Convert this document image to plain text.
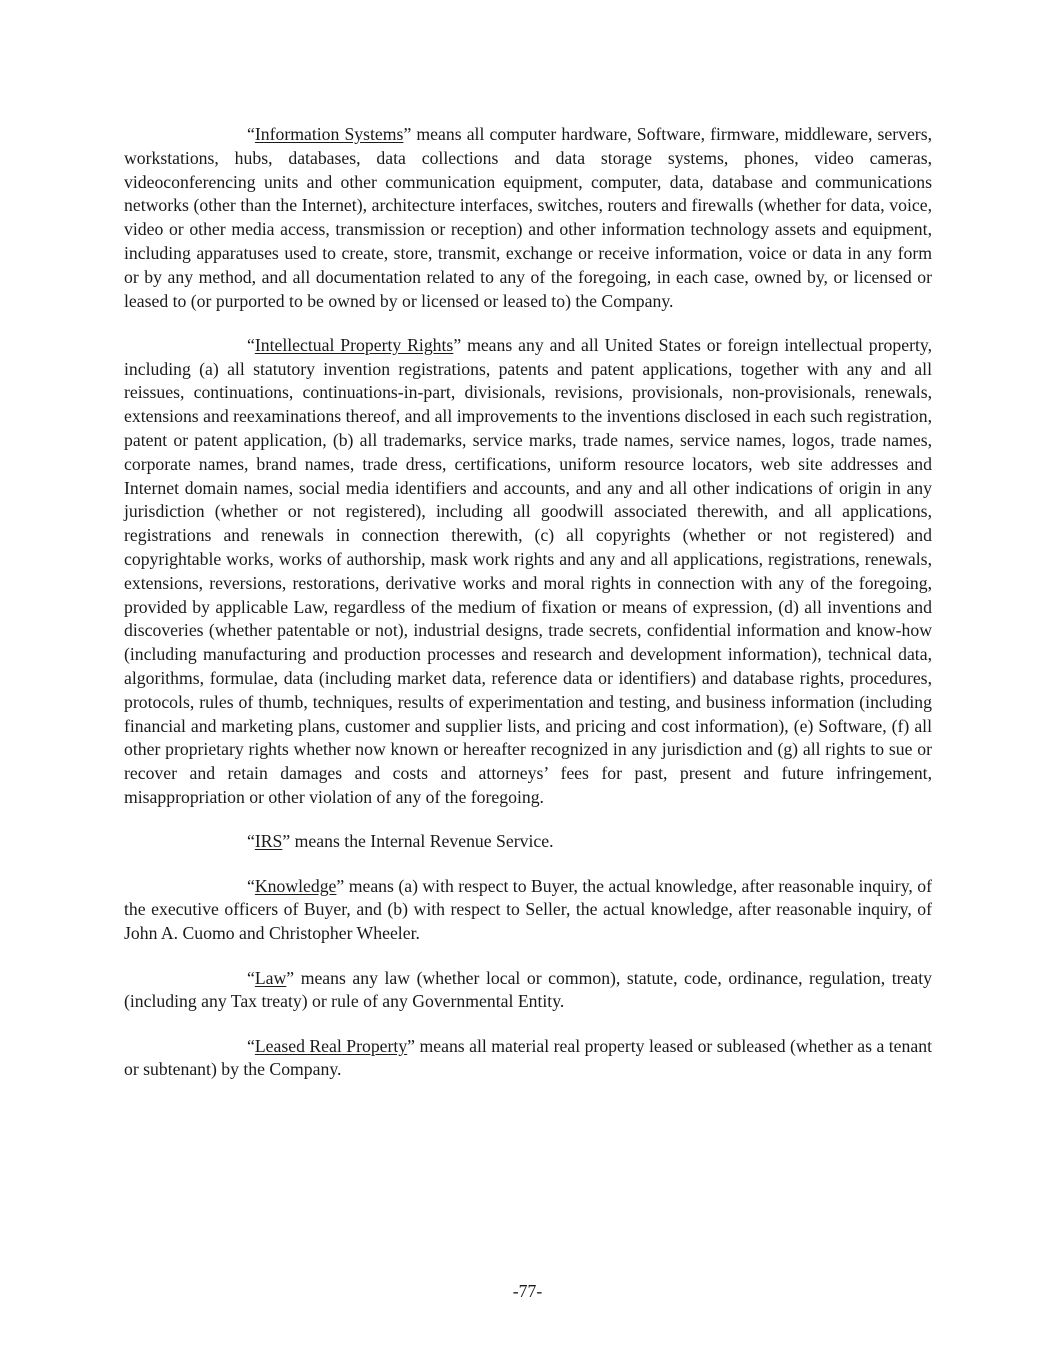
“Information Systems” means all computer hardware, Software, firmware, middleware, servers, workstations, hubs, databases, data collections and data storage systems, phones, video cameras, videoconferencing units and other communication equipment, computer, data, database and communications networks (other than the Internet), architecture interfaces, switches, routers and firewalls (whether for data, voice, video or other media access, transmission or reception) and other information technology assets and equipment, including apparatuses used to create, store, transmit, exchange or receive information, voice or data in any form or by any method, and all documentation related to any of the foregoing, in each case, owned by, or licensed or leased to (or purported to be owned by or licensed or leased to) the Company.

“Intellectual Property Rights” means any and all United States or foreign intellectual property, including (a) all statutory invention registrations, patents and patent applications, together with any and all reissues, continuations, continuations-in-part, divisionals, revisions, provisionals, non-provisionals, renewals, extensions and reexaminations thereof, and all improvements to the inventions disclosed in each such registration, patent or patent application, (b) all trademarks, service marks, trade names, service names, logos, trade names, corporate names, brand names, trade dress, certifications, uniform resource locators, web site addresses and Internet domain names, social media identifiers and accounts, and any and all other indications of origin in any jurisdiction (whether or not registered), including all goodwill associated therewith, and all applications, registrations and renewals in connection therewith, (c) all copyrights (whether or not registered) and copyrightable works, works of authorship, mask work rights and any and all applications, registrations, renewals, extensions, reversions, restorations, derivative works and moral rights in connection with any of the foregoing, provided by applicable Law, regardless of the medium of fixation or means of expression, (d) all inventions and discoveries (whether patentable or not), industrial designs, trade secrets, confidential information and know-how (including manufacturing and production processes and research and development information), technical data, algorithms, formulae, data (including market data, reference data or identifiers) and database rights, procedures, protocols, rules of thumb, techniques, results of experimentation and testing, and business information (including financial and marketing plans, customer and supplier lists, and pricing and cost information), (e) Software, (f) all other proprietary rights whether now known or hereafter recognized in any jurisdiction and (g) all rights to sue or recover and retain damages and costs and attorneys’ fees for past, present and future infringement, misappropriation or other violation of any of the foregoing.

“IRS” means the Internal Revenue Service.

“Knowledge” means (a) with respect to Buyer, the actual knowledge, after reasonable inquiry, of the executive officers of Buyer, and (b) with respect to Seller, the actual knowledge, after reasonable inquiry, of John A. Cuomo and Christopher Wheeler.

“Law” means any law (whether local or common), statute, code, ordinance, regulation, treaty (including any Tax treaty) or rule of any Governmental Entity.

“Leased Real Property” means all material real property leased or subleased (whether as a tenant or subtenant) by the Company.

-77-
